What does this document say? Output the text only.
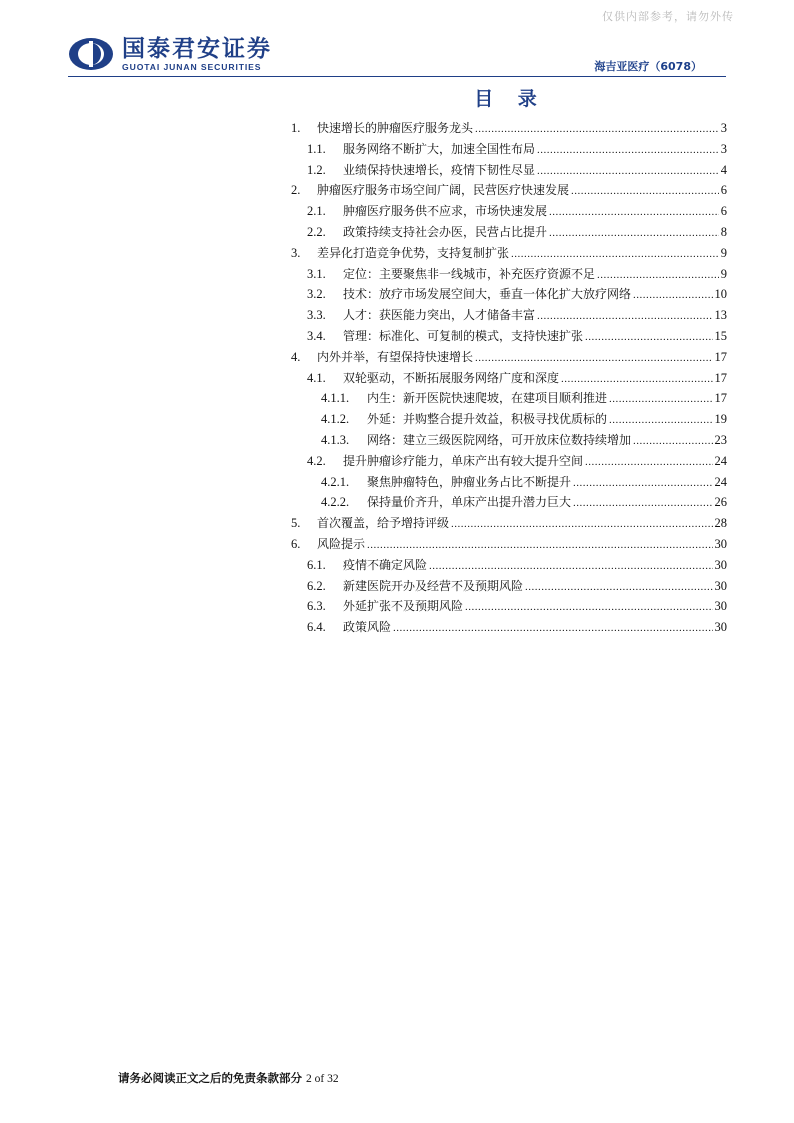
仅供内部参考，请勿外传
国泰君安证券
GUOTAI JUNAN SECURITIES	海吉亚医疗（6078）
目 录
1.	快速增长的肿瘤医疗服务龙头 .....	3
1.1.	服务网络不断扩大，加速全国性布局 .....	3
1.2.	业绩保持快速增长，疫情下韧性尽显 .....	4
2.	肿瘤医疗服务市场空间广阔，民营医疗快速发展 .....	6
2.1.	肿瘤医疗服务供不应求，市场快速发展 .....	6
2.2.	政策持续支持社会办医，民营占比提升 .....	8
3.	差异化打造竞争优势，支持复制扩张 .....	9
3.1.	定位：主要聚焦非一线城市，补充医疗资源不足 .....	9
3.2.	技术：放疗市场发展空间大，垂直一体化扩大放疗网络 .....	10
3.3.	人才：获医能力突出，人才储备丰富 .....	13
3.4.	管理：标准化、可复制的模式，支持快速扩张 .....	15
4.	内外并举，有望保持快速增长 .....	17
4.1.	双轮驱动，不断拓展服务网络广度和深度 .....	17
4.1.1.	内生：新开医院快速爬坡，在建项目顺利推进 .....	17
4.1.2.	外延：并购整合提升效益，积极寻找优质标的 .....	19
4.1.3.	网络：建立三级医院网络，可开放床位数持续增加 .....	23
4.2.	提升肿瘤诊疗能力，单床产出有较大提升空间 .....	24
4.2.1.	聚焦肿瘤特色，肿瘤业务占比不断提升 .....	24
4.2.2.	保持量价齐升，单床产出提升潜力巨大 .....	26
5.	首次覆盖，给予增持评级 .....	28
6.	风险提示 .....	30
6.1.	疫情不确定风险 .....	30
6.2.	新建医院开办及经营不及预期风险 .....	30
6.3.	外延扩张不及预期风险 .....	30
6.4.	政策风险 .....	30
请务必阅读正文之后的免责条款部分 2 of 32
